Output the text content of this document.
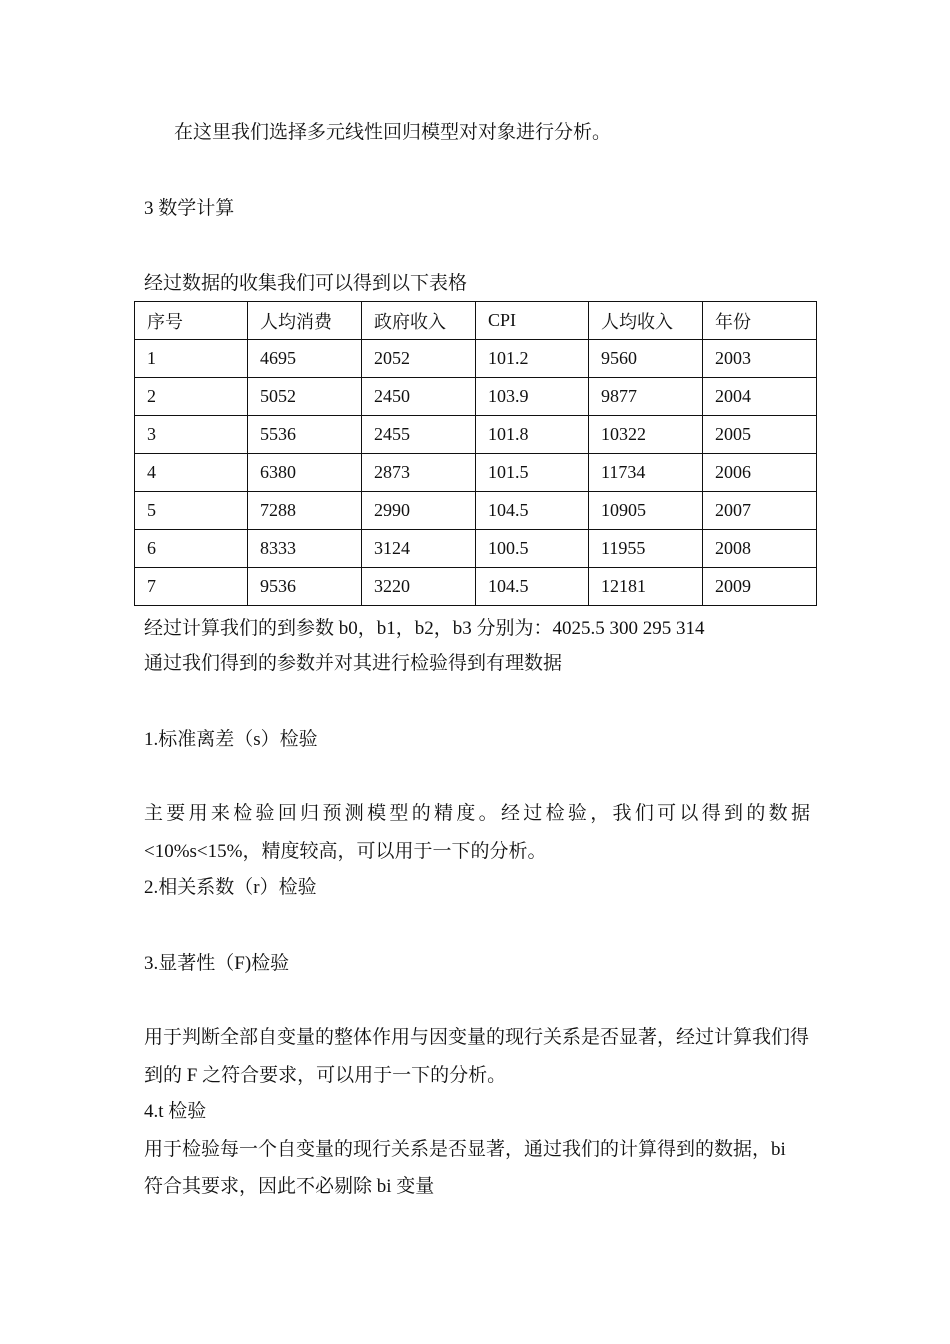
在这里我们选择多元线性回归模型对对象进行分析。
3 数学计算
经过数据的收集我们可以得到以下表格
序号	人均消费	政府收入	CPI	人均收入	年份
1	4695	2052	101.2	9560	2003
2	5052	2450	103.9	9877	2004
3	5536	2455	101.8	10322	2005
4	6380	2873	101.5	11734	2006
5	7288	2990	104.5	10905	2007
6	8333	3124	100.5	11955	2008
7	9536	3220	104.5	12181	2009
经过计算我们的到参数 b0，b1，b2，b3 分别为：4025.5 300 295 314
通过我们得到的参数并对其进行检验得到有理数据
1.标准离差（s）检验
主要用来检验回归预测模型的精度。经过检验，我们可以得到的数据
<10%s<15%，精度较高，可以用于一下的分析。
2.相关系数（r）检验
3.显著性（F)检验
用于判断全部自变量的整体作用与因变量的现行关系是否显著，经过计算我们得
到的 F 之符合要求，可以用于一下的分析。
4.t 检验
用于检验每一个自变量的现行关系是否显著，通过我们的计算得到的数据，bi
符合其要求，因此不必剔除 bi 变量
